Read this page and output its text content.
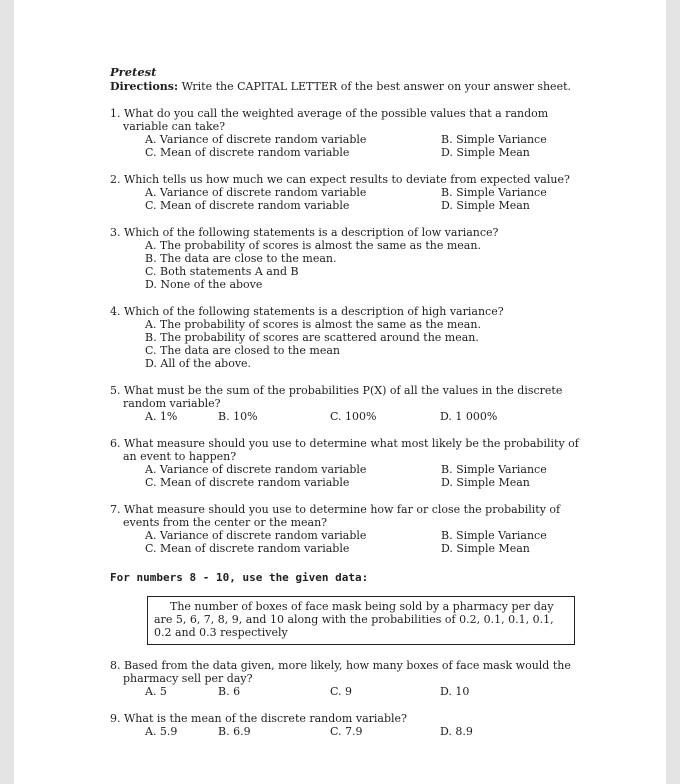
Pretest
Directions: Write the CAPITAL LETTER of the best answer on your answer sheet.
1. What do you call the weighted average of the possible values that a random variable can take?
A. Variance of discrete random variable	B. Simple Variance
C. Mean of discrete random variable	D. Simple Mean
2. Which tells us how much we can expect results to deviate from expected value?
A. Variance of discrete random variable	B. Simple Variance
C. Mean of discrete random variable	D. Simple Mean
3. Which of the following statements is a description of low variance?
A. The probability of scores is almost the same as the mean.
B. The data are close to the mean.
C. Both statements A and B
D. None of the above
4. Which of the following statements is a description of high variance?
A. The probability of scores is almost the same as the mean.
B. The probability of scores are scattered around the mean.
C. The data are closed to the mean
D. All of the above.
5. What must be the sum of the probabilities P(X) of all the values in the discrete random variable?
A. 1%	B. 10%	C. 100%	D. 1 000%
6. What measure should you use to determine what most likely be the probability of an event to happen?
A. Variance of discrete random variable	B. Simple Variance
C. Mean of discrete random variable	D. Simple Mean
7. What measure should you use to determine how far or close the probability of events from the center or the mean?
A. Variance of discrete random variable	B. Simple Variance
C. Mean of discrete random variable	D. Simple Mean
For numbers 8 - 10, use the given data:
The number of boxes of face mask being sold by a pharmacy per day are 5, 6, 7, 8, 9, and 10 along with the probabilities of 0.2, 0.1, 0.1, 0.1, 0.2 and 0.3 respectively
8. Based from the data given, more likely, how many boxes of face mask would the pharmacy sell per day?
A. 5	B. 6	C. 9	D. 10
9. What is the mean of the discrete random variable?
A. 5.9	B. 6.9	C. 7.9	D. 8.9
